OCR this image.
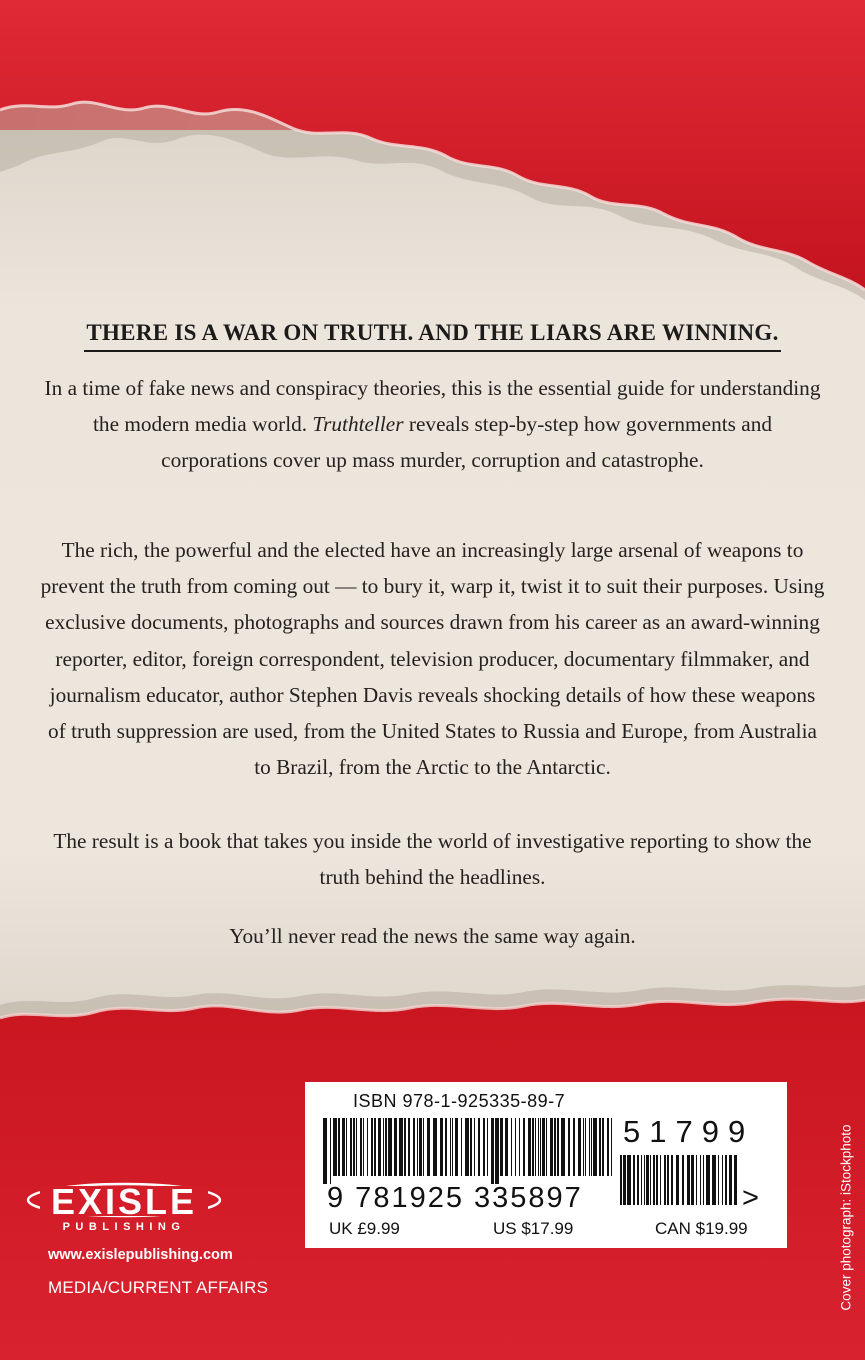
THERE IS A WAR ON TRUTH. AND THE LIARS ARE WINNING.

In a time of fake news and conspiracy theories, this is the essential guide for understanding the modern media world. Truthteller reveals step-by-step how governments and corporations cover up mass murder, corruption and catastrophe.

The rich, the powerful and the elected have an increasingly large arsenal of weapons to prevent the truth from coming out — to bury it, warp it, twist it to suit their purposes. Using exclusive documents, photographs and sources drawn from his career as an award-winning reporter, editor, foreign correspondent, television producer, documentary filmmaker, and journalism educator, author Stephen Davis reveals shocking details of how these weapons of truth suppression are used, from the United States to Russia and Europe, from Australia to Brazil, from the Arctic to the Antarctic.

The result is a book that takes you inside the world of investigative reporting to show the truth behind the headlines.

You’ll never read the news the same way again.

ISBN 978-1-925335-89-7
51799
9 781925 335897	>
UK £9.99	US $17.99	CAN $19.99
EXISLE
PUBLISHING
www.exislepublishing.com
MEDIA/CURRENT AFFAIRS	Cover photograph: iStockphoto
